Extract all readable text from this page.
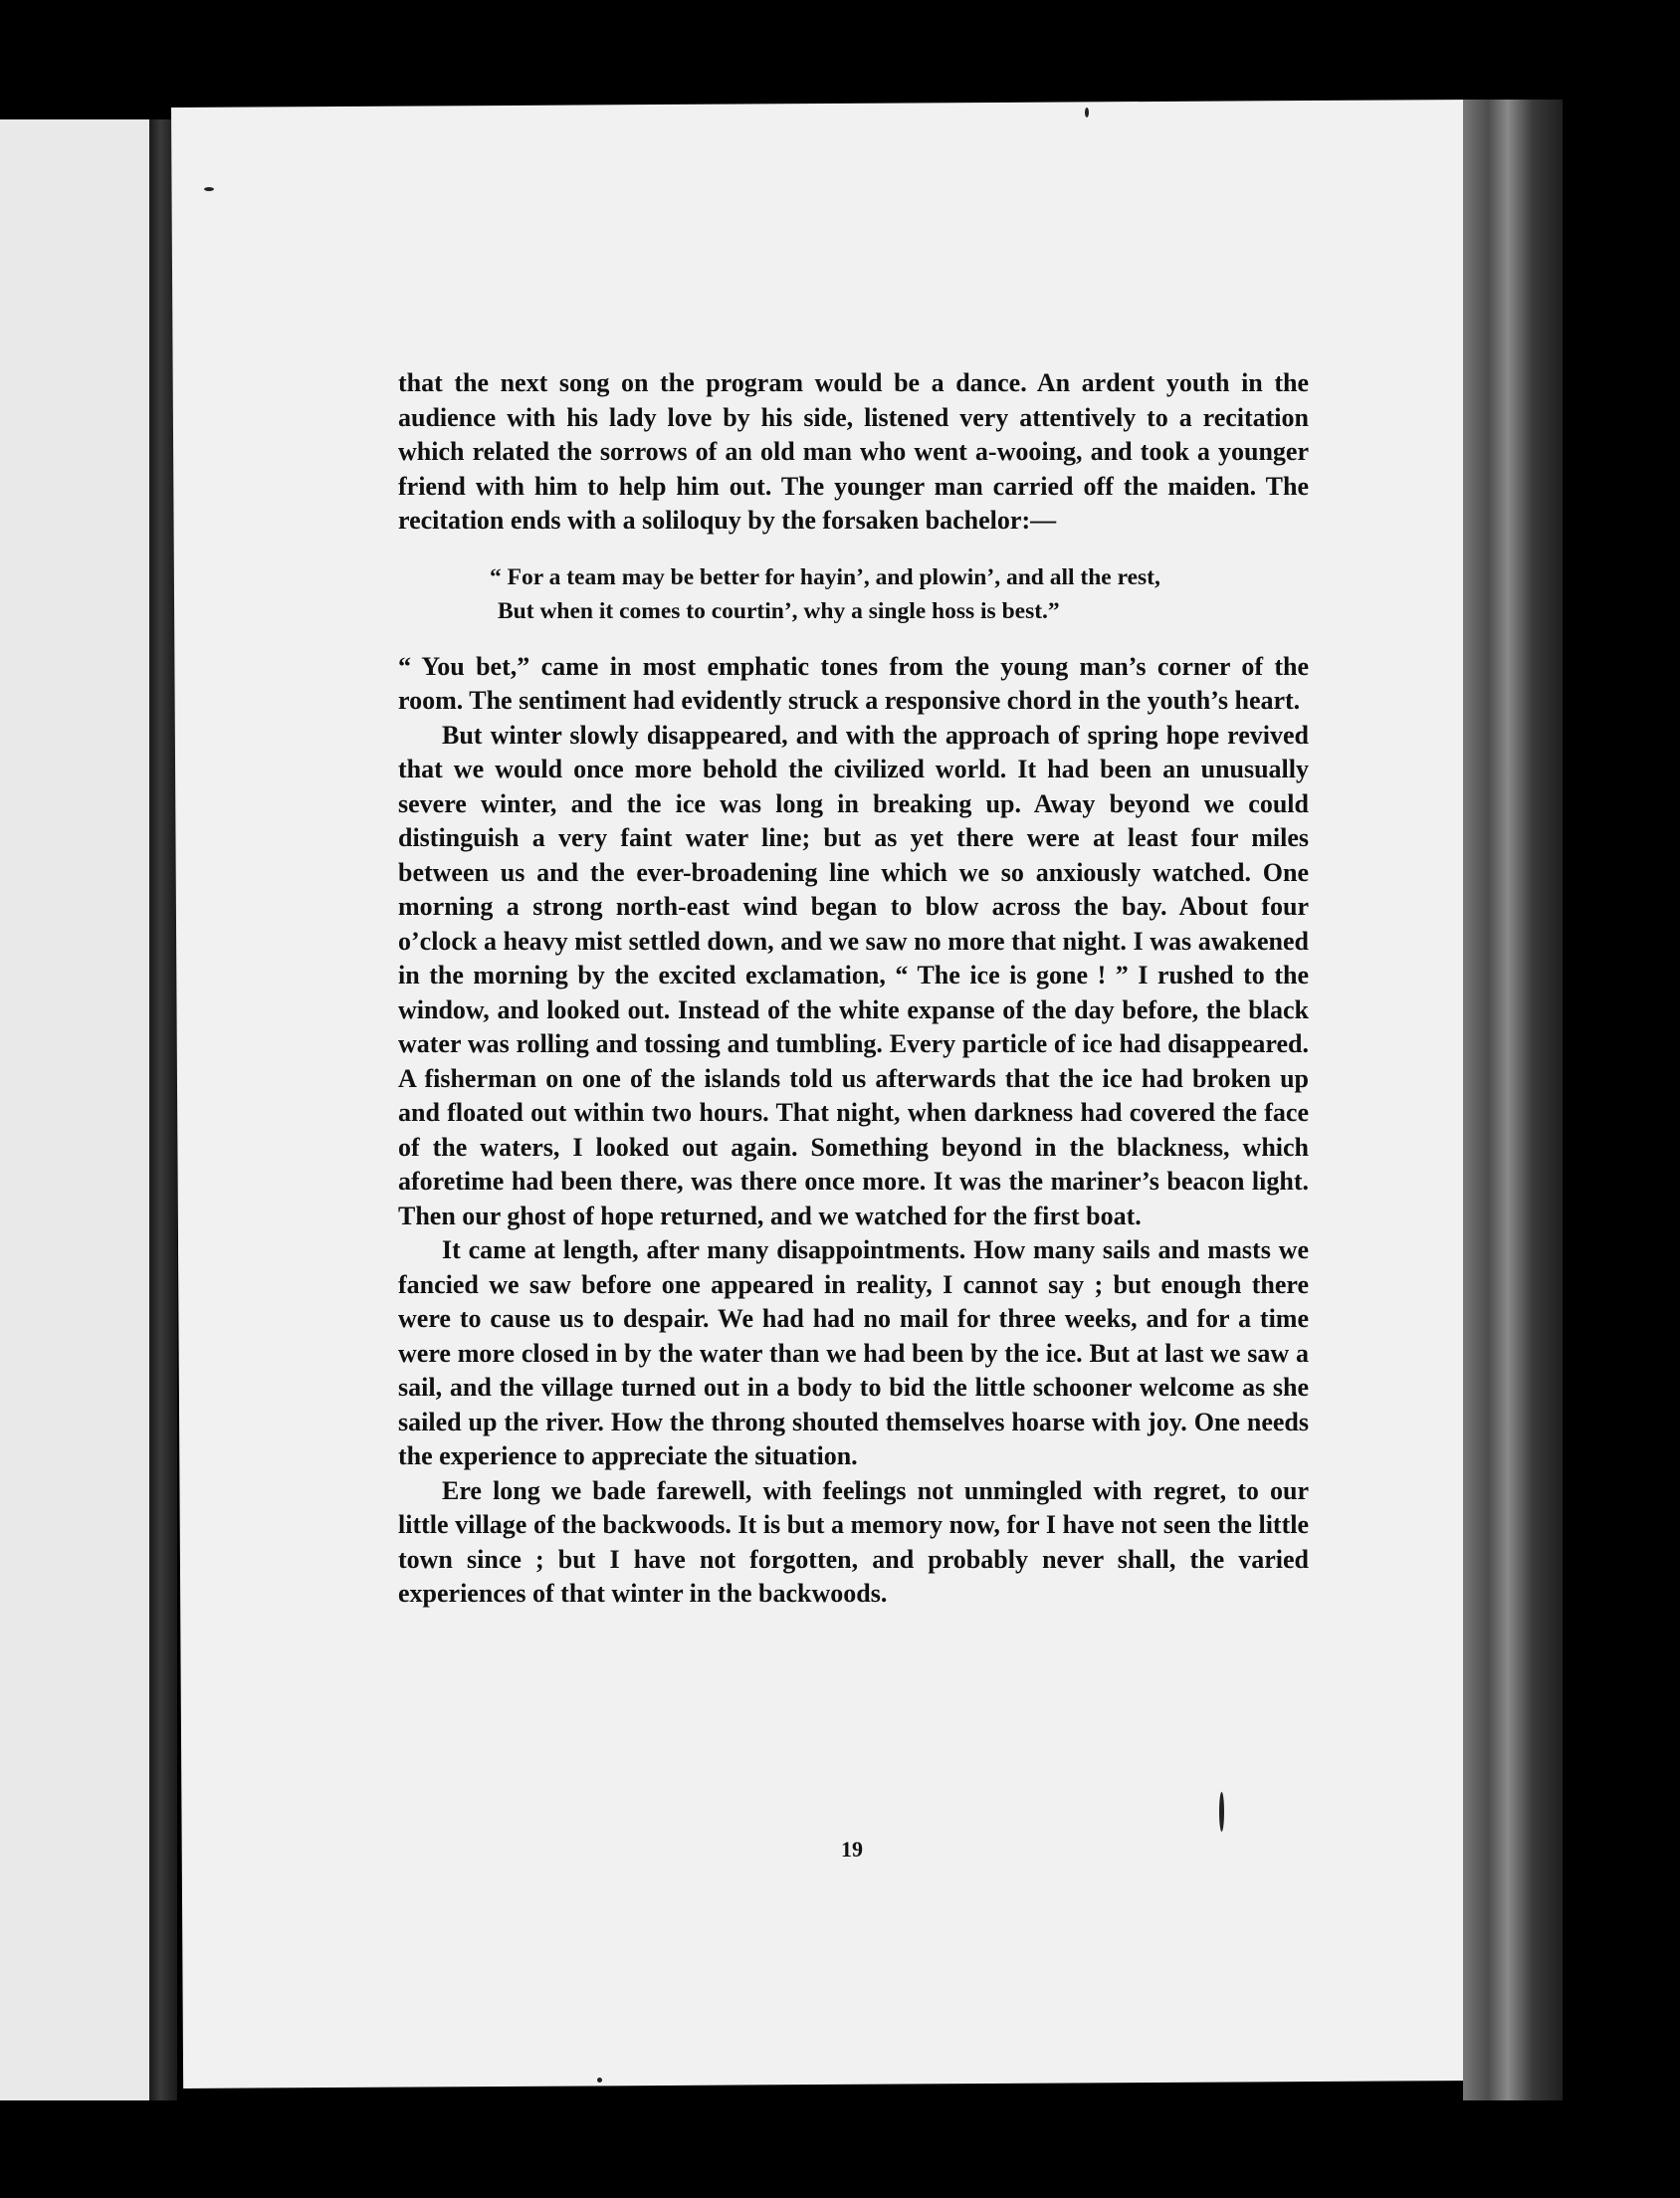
that the next song on the program would be a dance. An ardent youth in the audience with his lady love by his side, listened very attentively to a recitation which related the sorrows of an old man who went a-wooing, and took a younger friend with him to help him out. The younger man carried off the maiden. The recitation ends with a soliloquy by the forsaken bachelor:—

“ For a team may be better for hayin’, and plowin’, and all the rest,
But when it comes to courtin’, why a single hoss is best.”

“ You bet,” came in most emphatic tones from the young man’s corner of the room. The sentiment had evidently struck a responsive chord in the youth’s heart.

But winter slowly disappeared, and with the approach of spring hope revived that we would once more behold the civilized world. It had been an unusually severe winter, and the ice was long in breaking up. Away beyond we could distinguish a very faint water line; but as yet there were at least four miles between us and the ever-broadening line which we so anxiously watched. One morning a strong north-east wind began to blow across the bay. About four o’clock a heavy mist settled down, and we saw no more that night. I was awakened in the morning by the excited exclamation, “ The ice is gone ! ” I rushed to the window, and looked out. Instead of the white expanse of the day before, the black water was rolling and tossing and tumbling. Every particle of ice had disappeared. A fisherman on one of the islands told us afterwards that the ice had broken up and floated out within two hours. That night, when darkness had covered the face of the waters, I looked out again. Something beyond in the blackness, which aforetime had been there, was there once more. It was the mariner’s beacon light. Then our ghost of hope returned, and we watched for the first boat.

It came at length, after many disappointments. How many sails and masts we fancied we saw before one appeared in reality, I cannot say ; but enough there were to cause us to despair. We had had no mail for three weeks, and for a time were more closed in by the water than we had been by the ice. But at last we saw a sail, and the village turned out in a body to bid the little schooner welcome as she sailed up the river. How the throng shouted themselves hoarse with joy. One needs the experience to appreciate the situation.

Ere long we bade farewell, with feelings not unmingled with regret, to our little village of the backwoods. It is but a memory now, for I have not seen the little town since ; but I have not forgotten, and probably never shall, the varied experiences of that winter in the backwoods.

19
